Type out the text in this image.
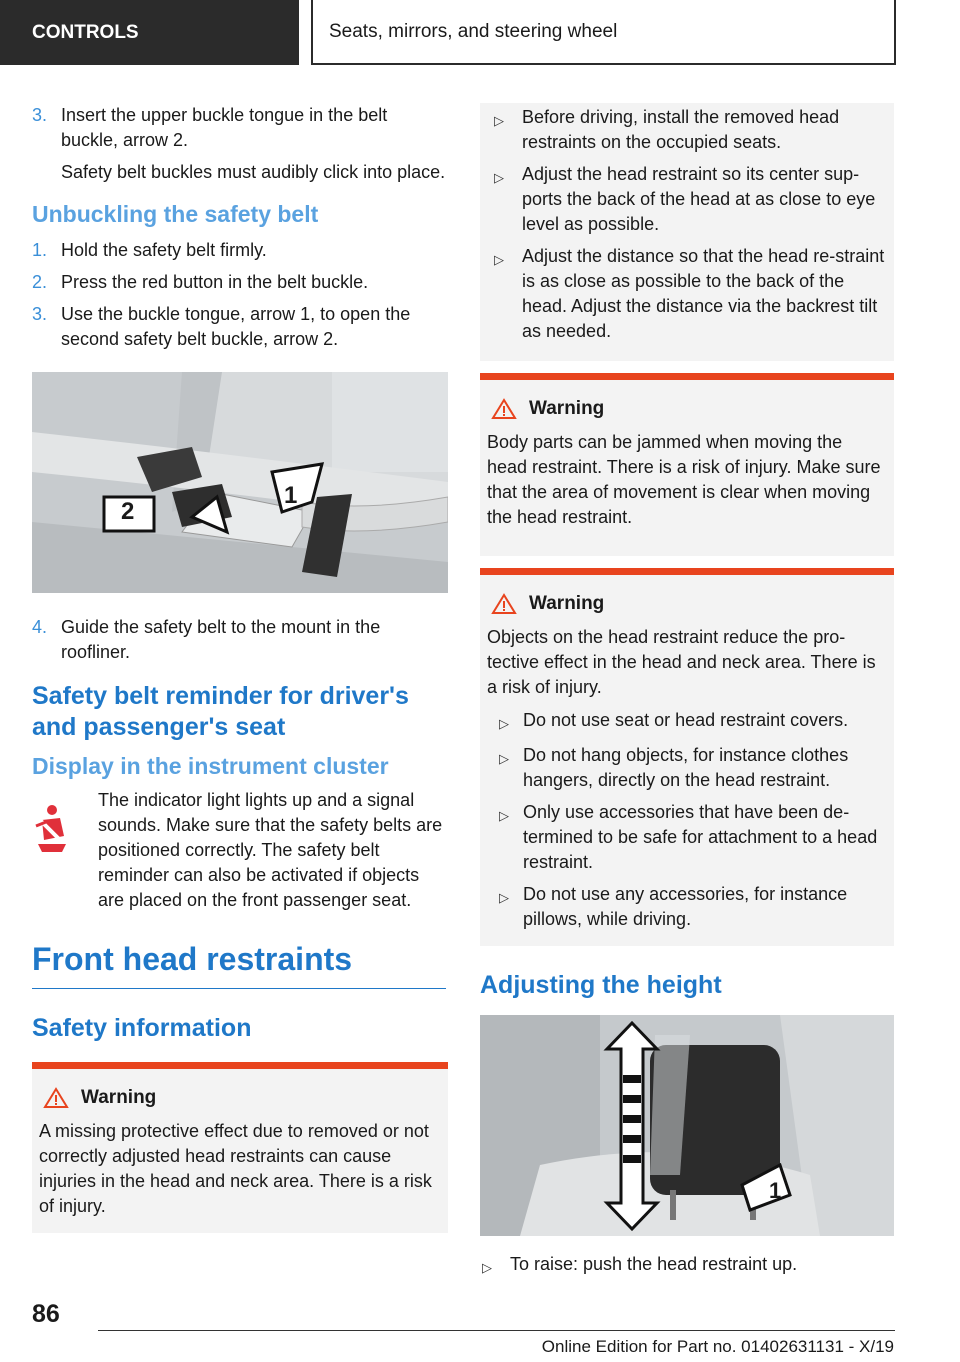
CONTROLS	Seats, mirrors, and steering wheel
3. Insert the upper buckle tongue in the belt buckle, arrow 2.

Safety belt buckles must audibly click into place.

Unbuckling the safety belt
1. Hold the safety belt firmly.
2. Press the red button in the belt buckle.
3. Use the buckle tongue, arrow 1, to open the second safety belt buckle, arrow 2.
1
2
4. Guide the safety belt to the mount in the roofliner.
Safety belt reminder for driver's and passenger's seat
Display in the instrument cluster
The indicator light lights up and a signal sounds. Make sure that the safety belts are positioned correctly. The safety belt reminder can also be activated if objects are placed on the front passenger seat.
Front head restraints
Safety information
Warning

A missing protective effect due to removed or not correctly adjusted head restraints can cause injuries in the head and neck area. There is a risk of injury.

▷	Before driving, install the removed head restraints on the occupied seats.
▷	Adjust the head restraint so its center sup-ports the back of the head at as close to eye level as possible.
▷	Adjust the distance so that the head re-straint is as close as possible to the back of the head. Adjust the distance via the backrest tilt as needed.
Warning

Body parts can be jammed when moving the head restraint. There is a risk of injury. Make sure that the area of movement is clear when moving the head restraint.

Warning

Objects on the head restraint reduce the pro-tective effect in the head and neck area. There is a risk of injury.

▷ Do not use seat or head restraint covers.
▷ Do not hang objects, for instance clothes hangers, directly on the head restraint.
▷ Only use accessories that have been de-termined to be safe for attachment to a head restraint.
▷ Do not use any accessories, for instance pillows, while driving.
Adjusting the height
1
▷	To raise: push the head restraint up.
86
Online Edition for Part no. 01402631131 - X/19
